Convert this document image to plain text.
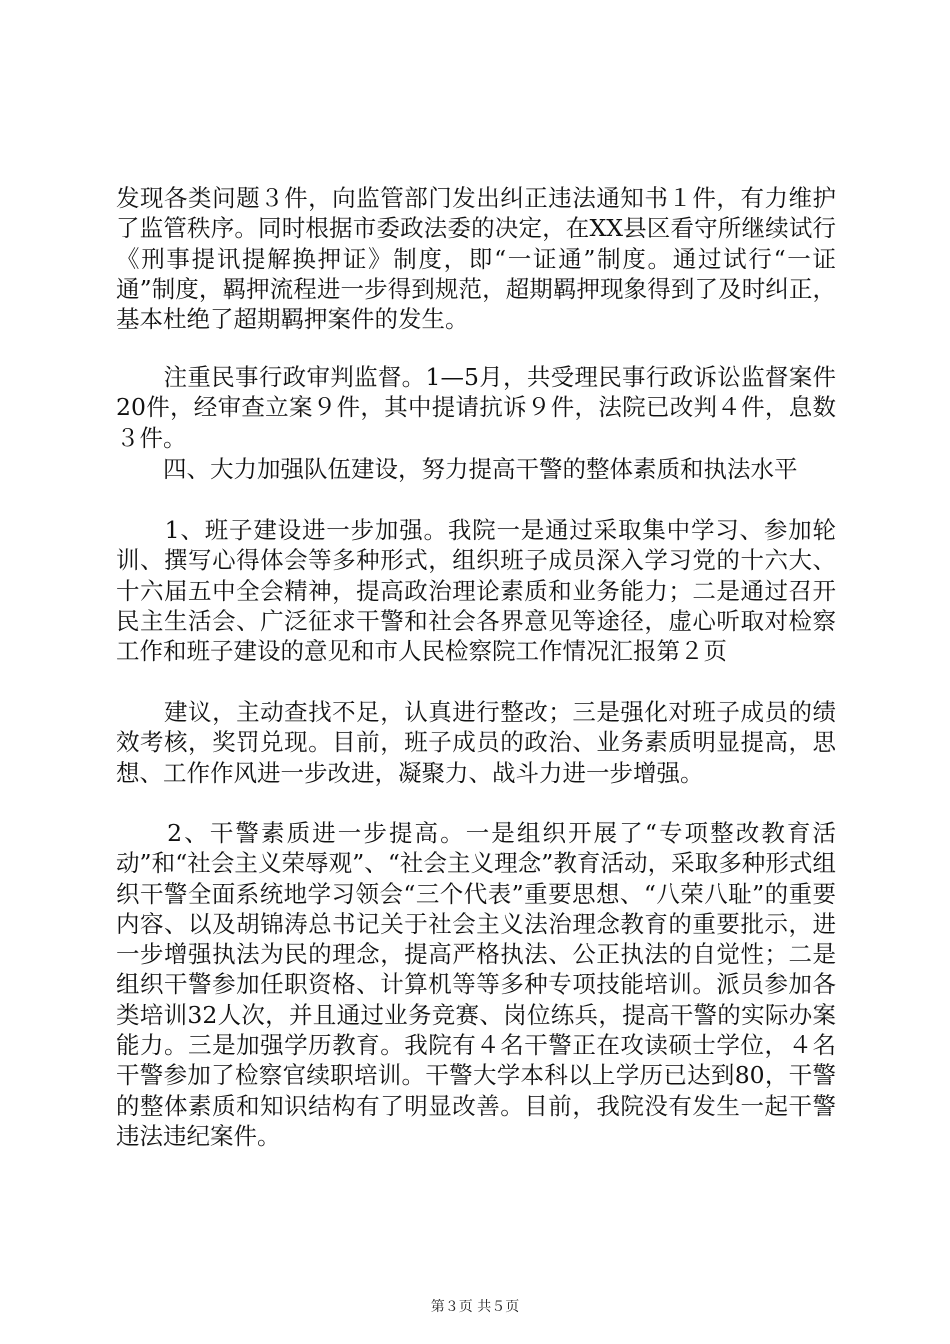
发现各类问题３件，向监管部门发出纠正违法通知书１件，有力维护了监管秩序。同时根据市委政法委的决定，在XX县区看守所继续试行《刑事提讯提解换押证》制度，即“一证通”制度。通过试行“一证通”制度，羁押流程进一步得到规范，超期羁押现象得到了及时纠正，基本杜绝了超期羁押案件的发生。

　　注重民事行政审判监督。1—5月，共受理民事行政诉讼监督案件20件，经审查立案９件，其中提请抗诉９件，法院已改判４件，息数３件。

　　四、大力加强队伍建设，努力提高干警的整体素质和执法水平

　　1、班子建设进一步加强。我院一是通过采取集中学习、参加轮训、撰写心得体会等多种形式，组织班子成员深入学习党的十六大、十六届五中全会精神，提高政治理论素质和业务能力；二是通过召开民主生活会、广泛征求干警和社会各界意见等途径，虚心听取对检察工作和班子建设的意见和市人民检察院工作情况汇报第２页

　　建议，主动查找不足，认真进行整改；三是强化对班子成员的绩效考核，奖罚兑现。目前，班子成员的政治、业务素质明显提高，思想、工作作风进一步改进，凝聚力、战斗力进一步增强。

　　2、干警素质进一步提高。一是组织开展了“专项整改教育活动”和“社会主义荣辱观”、“社会主义理念”教育活动，采取多种形式组织干警全面系统地学习领会“三个代表”重要思想、“八荣八耻”的重要内容、以及胡锦涛总书记关于社会主义法治理念教育的重要批示，进一步增强执法为民的理念，提高严格执法、公正执法的自觉性；二是组织干警参加任职资格、计算机等等多种专项技能培训。派员参加各类培训32人次，并且通过业务竞赛、岗位练兵，提高干警的实际办案能力。三是加强学历教育。我院有４名干警正在攻读硕士学位，４名干警参加了检察官续职培训。干警大学本科以上学历已达到80，干警的整体素质和知识结构有了明显改善。目前，我院没有发生一起干警违法违纪案件。

第３页 共５页
